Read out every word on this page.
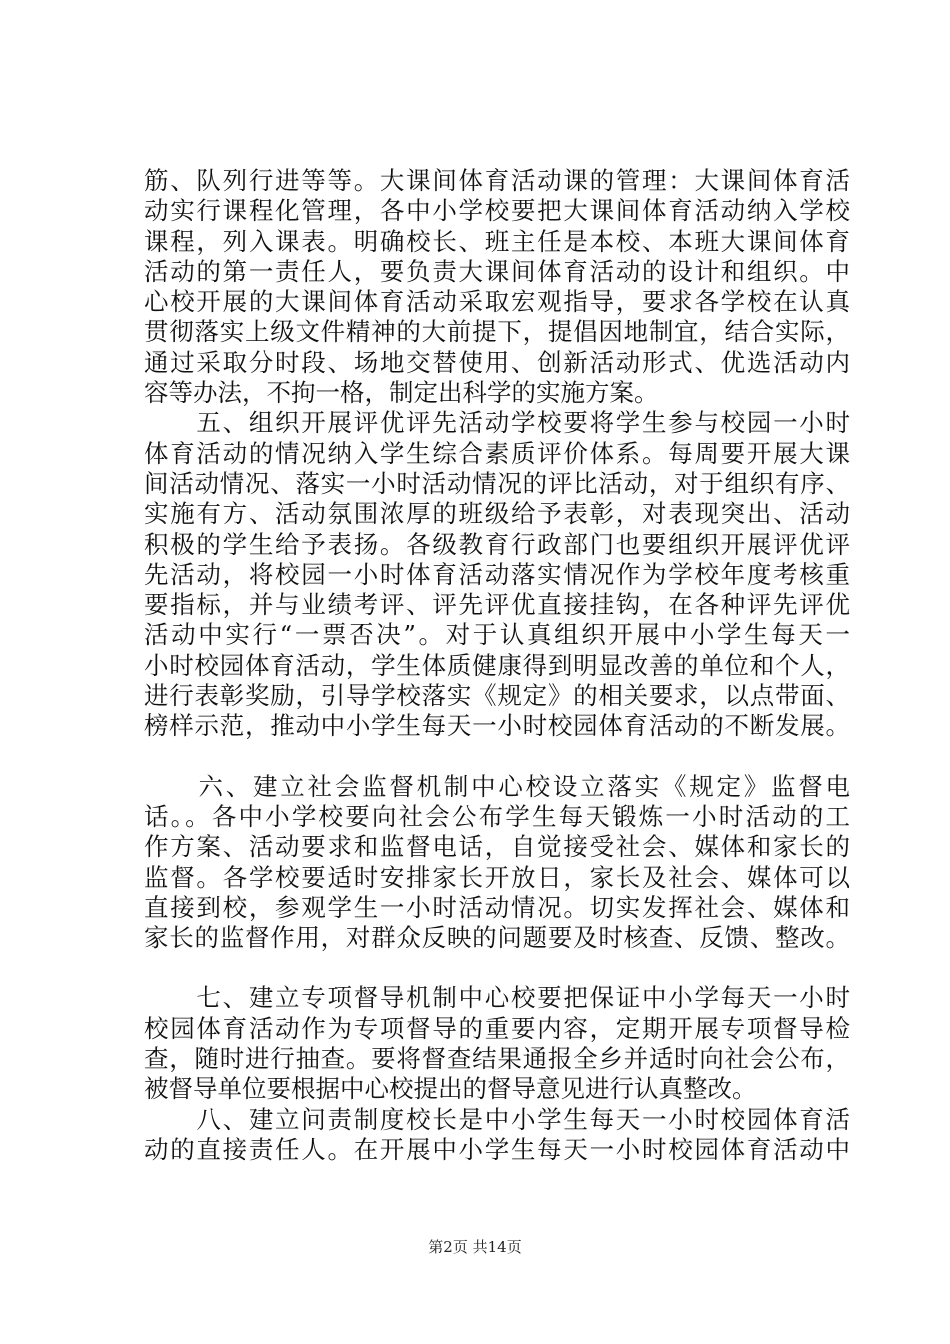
筋、队列行进等等。大课间体育活动课的管理：大课间体育活
动实行课程化管理，各中小学校要把大课间体育活动纳入学校
课程，列入课表。明确校长、班主任是本校、本班大课间体育
活动的第一责任人，要负责大课间体育活动的设计和组织。中
心校开展的大课间体育活动采取宏观指导，要求各学校在认真
贯彻落实上级文件精神的大前提下，提倡因地制宜，结合实际，
通过采取分时段、场地交替使用、创新活动形式、优选活动内
容等办法，不拘一格，制定出科学的实施方案。
　　五、组织开展评优评先活动学校要将学生参与校园一小时
体育活动的情况纳入学生综合素质评价体系。每周要开展大课
间活动情况、落实一小时活动情况的评比活动，对于组织有序、
实施有方、活动氛围浓厚的班级给予表彰，对表现突出、活动
积极的学生给予表扬。各级教育行政部门也要组织开展评优评
先活动，将校园一小时体育活动落实情况作为学校年度考核重
要指标，并与业绩考评、评先评优直接挂钩，在各种评先评优
活动中实行“一票否决”。对于认真组织开展中小学生每天一
小时校园体育活动，学生体质健康得到明显改善的单位和个人，
进行表彰奖励，引导学校落实《规定》的相关要求，以点带面、
榜样示范，推动中小学生每天一小时校园体育活动的不断发展。
　　六、建立社会监督机制中心校设立落实《规定》监督电
话。。各中小学校要向社会公布学生每天锻炼一小时活动的工
作方案、活动要求和监督电话，自觉接受社会、媒体和家长的
监督。各学校要适时安排家长开放日，家长及社会、媒体可以
直接到校，参观学生一小时活动情况。切实发挥社会、媒体和
家长的监督作用，对群众反映的问题要及时核查、反馈、整改。
　　七、建立专项督导机制中心校要把保证中小学每天一小时
校园体育活动作为专项督导的重要内容，定期开展专项督导检
查，随时进行抽查。要将督查结果通报全乡并适时向社会公布，
被督导单位要根据中心校提出的督导意见进行认真整改。
　　八、建立问责制度校长是中小学生每天一小时校园体育活
动的直接责任人。在开展中小学生每天一小时校园体育活动中
第2页 共14页
